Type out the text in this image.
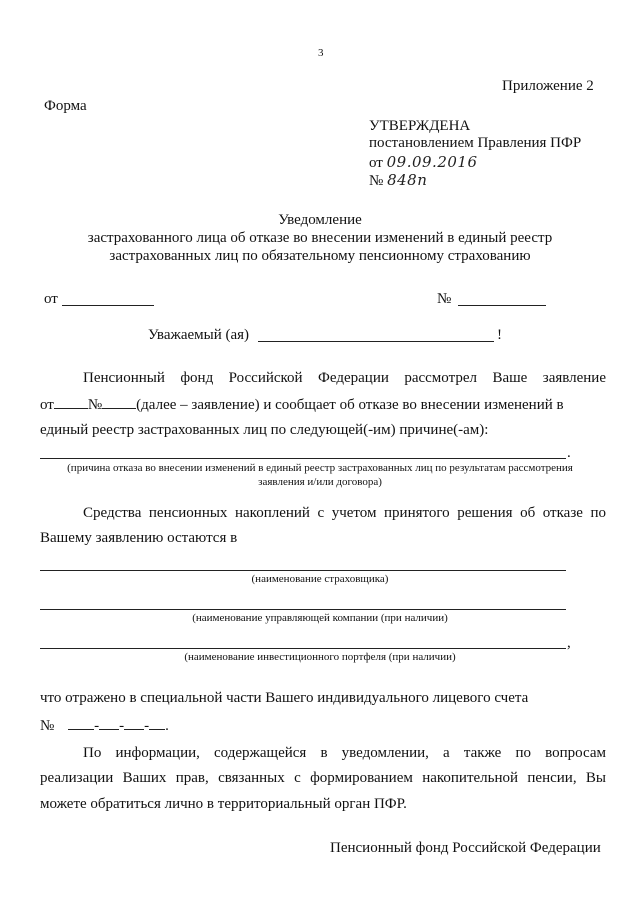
3
Приложение 2
Форма
УТВЕРЖДЕНА
постановлением Правления ПФР
от 09.09.2016
№ 848п
Уведомление
застрахованного лица об отказе во внесении изменений в единый реестр
застрахованных лиц по обязательному пенсионному страхованию
от	№
Уважаемый (ая)	!
Пенсионный фонд Российской Федерации рассмотрел Ваше заявление
от № (далее – заявление) и сообщает об отказе во внесении изменений в
единый реестр застрахованных лиц по следующей(-им) причине(-ам):
.
(причина отказа во внесении изменений в единый реестр застрахованных лиц по результатам рассмотрения
заявления и/или договора)
Средства пенсионных накоплений с учетом принятого решения об отказе по
Вашему заявлению остаются в
(наименование страховщика)
(наименование управляющей компании (при наличии)
,
(наименование инвестиционного портфеля (при наличии)
что отражено в специальной части Вашего индивидуального лицевого счета
№	- - - .
По информации, содержащейся в уведомлении, а также по вопросам
реализации Ваших прав, связанных с формированием накопительной пенсии, Вы
можете обратиться лично в территориальный орган ПФР.
Пенсионный фонд Российской Федерации
